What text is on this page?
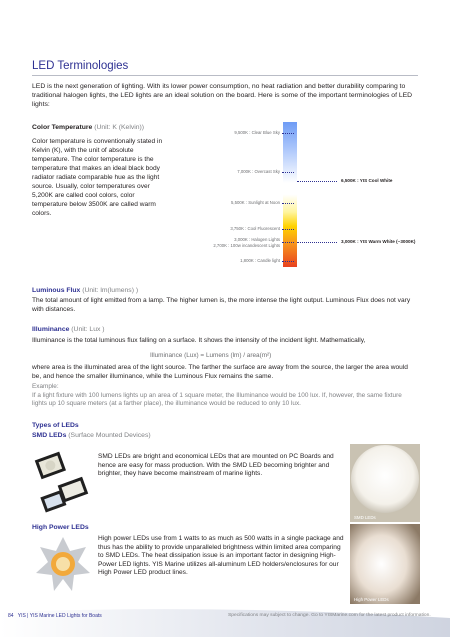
LED Terminologies
LED is the next generation of lighting. With its lower power consumption, no heat radiation and better durability comparing to traditional halogen lights, the LED lights are an ideal solution on the board. Here is some of the important terminologies of LED lights:
Color Temperature (Unit: K (Kelvin))
Color temperature is conventionally stated in Kelvin (K), with the unit of absolute temperature. The color temperature is the temperature that makes an ideal black body radiator radiate comparable hue as the light source. Usually, color temperatures over 5,200K are called cool colors, color temperature below 3500K are called warm colors.
9,500K : Clear Blue Sky
7,000K : Overcast Sky
5,500K : Sunlight at Noon
3,750K : Cool Fluorescent
3,000K : Halogen Lights
2,700K : 100w incandescent Lights
1,800K : Candle light
6,500K : YIS Cool White
3,000K : YIS Warm White (~3000K)
Luminous Flux (Unit: lm(lumens) )
The total amount of light emitted from a lamp. The higher lumen is, the more intense the light output. Luminous Flux does not vary with distances.
Illuminance (Unit: Lux )
Illuminance is the total luminous flux falling on a surface. It shows the intensity of the incident light. Mathematically,
Illuminance (Lux) = Lumens (lm) / area(m²)
where area is the illuminated area of the light source. The farther the surface are away from the source, the larger the area would be, and hence the smaller illuminance, while the Luminous Flux remains the same.
Example:
If a light fixture with 100 lumens lights up an area of 1 square meter, the Illuminance would be 100 lux. If, however, the same fixture lights up 10 square meters (at a farther place), the illuminance would be reduced to only 10 lux.
Types of LEDs
SMD LEDs (Surface Mounted Devices)
SMD LEDs are bright and economical LEDs that are mounted on PC Boards and hence are easy for mass production. With the SMD LED becoming brighter and brighter, they have become mainstream of marine lights.
SMD LEDs
High Power LEDs
High power LEDs use from 1 watts to as much as 500 watts in a single package and thus has the ability to provide unparalleled brightness within limited area comparing to SMD LEDs. The heat dissipation issue is an important factor in designing High-Power LED lights. YIS Marine utilizes all-aluminum LED holders/enclosures for our High Power LED product lines.
High Power LEDs
84 YIS | YIS Marine LED Lights for Boats	Specifications may subject to change. Go to YISMarine.com for the latest product information.
